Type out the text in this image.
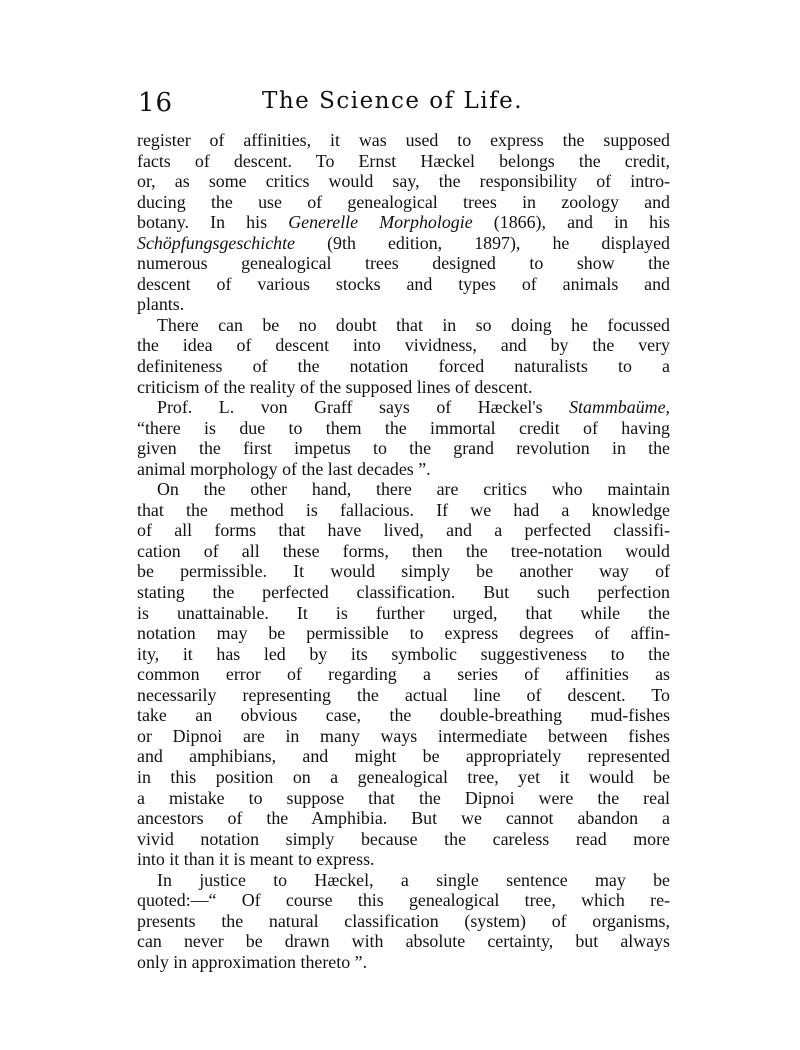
16	The Science of Life.
register of affinities, it was used to express the supposed
facts of descent. To Ernst Hæckel belongs the credit,
or, as some critics would say, the responsibility of intro-
ducing the use of genealogical trees in zoology and
botany. In his Generelle Morphologie (1866), and in his
Schöpfungsgeschichte (9th edition, 1897), he displayed
numerous genealogical trees designed to show the
descent of various stocks and types of animals and
plants.
There can be no doubt that in so doing he focussed
the idea of descent into vividness, and by the very
definiteness of the notation forced naturalists to a
criticism of the reality of the supposed lines of descent.
Prof. L. von Graff says of Hæckel's Stammbaüme,
“there is due to them the immortal credit of having
given the first impetus to the grand revolution in the
animal morphology of the last decades ”.
On the other hand, there are critics who maintain
that the method is fallacious. If we had a knowledge
of all forms that have lived, and a perfected classifi-
cation of all these forms, then the tree-notation would
be permissible. It would simply be another way of
stating the perfected classification. But such perfection
is unattainable. It is further urged, that while the
notation may be permissible to express degrees of affin-
ity, it has led by its symbolic suggestiveness to the
common error of regarding a series of affinities as
necessarily representing the actual line of descent. To
take an obvious case, the double-breathing mud-fishes
or Dipnoi are in many ways intermediate between fishes
and amphibians, and might be appropriately represented
in this position on a genealogical tree, yet it would be
a mistake to suppose that the Dipnoi were the real
ancestors of the Amphibia. But we cannot abandon a
vivid notation simply because the careless read more
into it than it is meant to express.
In justice to Hæckel, a single sentence may be
quoted:—“ Of course this genealogical tree, which re-
presents the natural classification (system) of organisms,
can never be drawn with absolute certainty, but always
only in approximation thereto ”.
